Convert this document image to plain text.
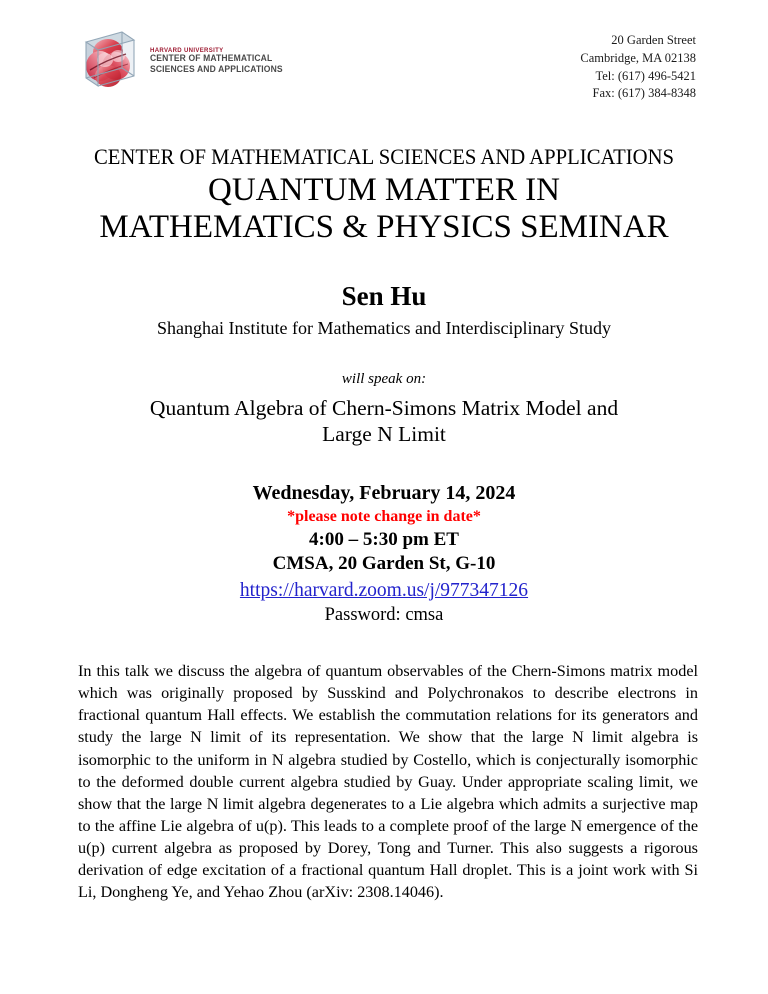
HARVARD UNIVERSITY
CENTER OF MATHEMATICAL
SCIENCES AND APPLICATIONS
20 Garden Street
Cambridge, MA 02138
Tel: (617) 496-5421
Fax: (617) 384-8348
CENTER OF MATHEMATICAL SCIENCES AND APPLICATIONS
QUANTUM MATTER IN
MATHEMATICS & PHYSICS SEMINAR
Sen Hu
Shanghai Institute for Mathematics and Interdisciplinary Study
will speak on:
Quantum Algebra of Chern-Simons Matrix Model and
Large N Limit
Wednesday, February 14, 2024
*please note change in date*
4:00 – 5:30 pm ET
CMSA, 20 Garden St, G-10
https://harvard.zoom.us/j/977347126
Password: cmsa
In this talk we discuss the algebra of quantum observables of the Chern-Simons matrix model which was originally proposed by Susskind and Polychronakos to describe electrons in fractional quantum Hall effects. We establish the commutation relations for its generators and study the large N limit of its representation. We show that the large N limit algebra is isomorphic to the uniform in N algebra studied by Costello, which is conjecturally isomorphic to the deformed double current algebra studied by Guay. Under appropriate scaling limit, we show that the large N limit algebra degenerates to a Lie algebra which admits a surjective map to the affine Lie algebra of u(p). This leads to a complete proof of the large N emergence of the u(p) current algebra as proposed by Dorey, Tong and Turner. This also suggests a rigorous derivation of edge excitation of a fractional quantum Hall droplet. This is a joint work with Si Li, Dongheng Ye, and Yehao Zhou (arXiv: 2308.14046).
